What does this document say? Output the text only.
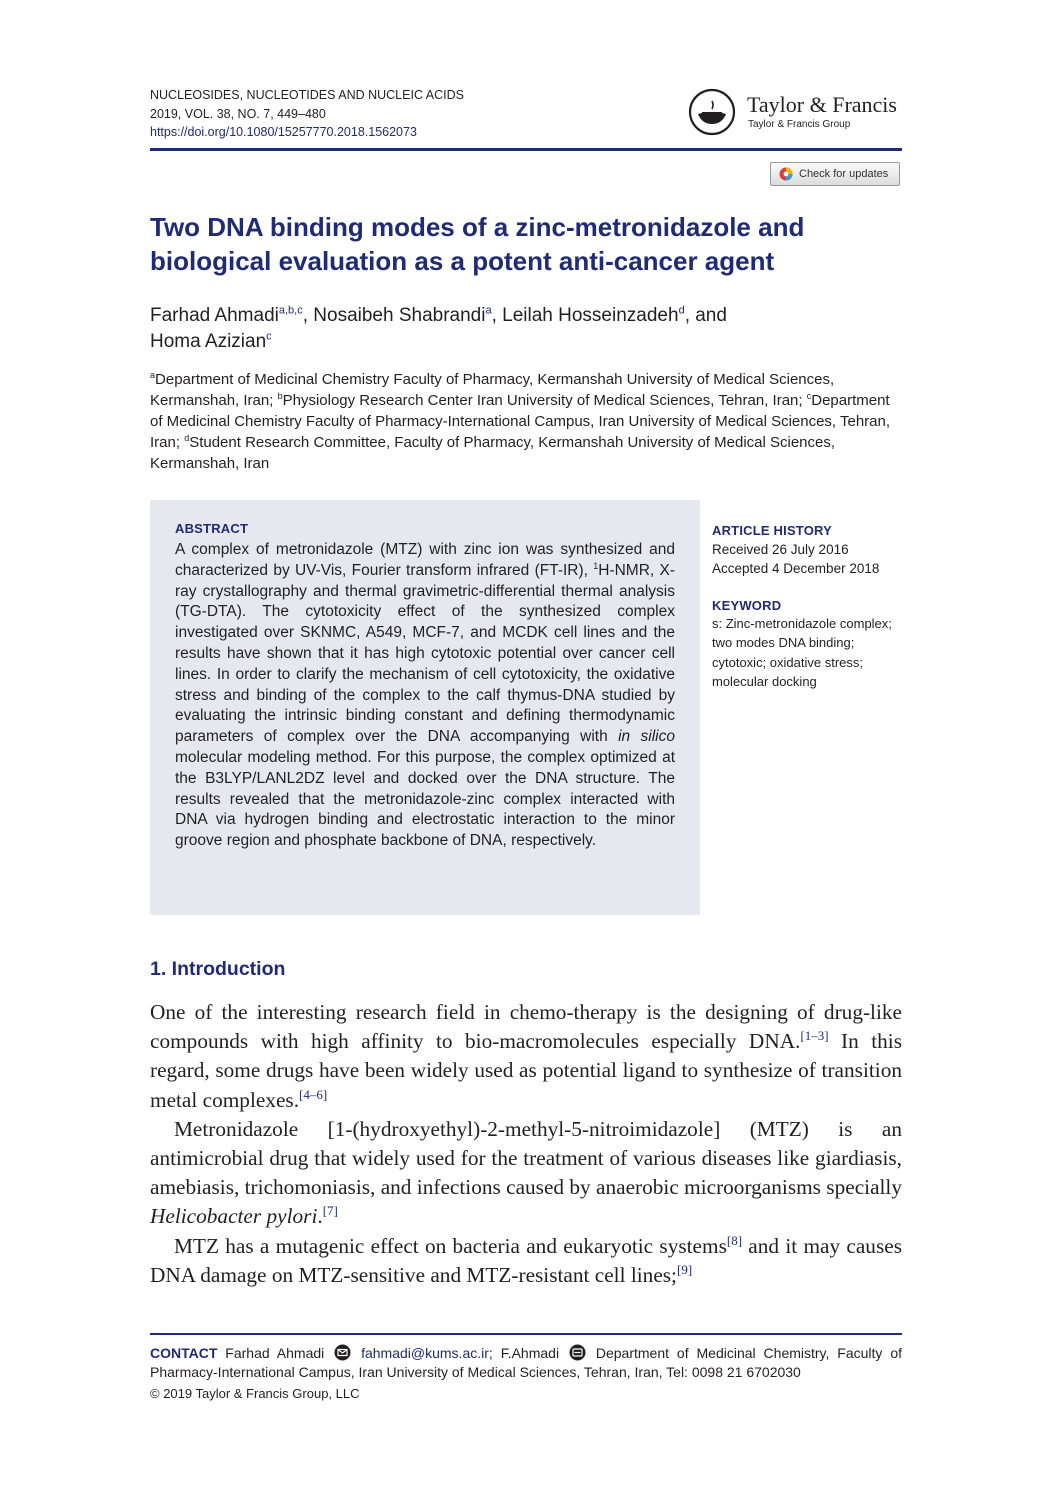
NUCLEOSIDES, NUCLEOTIDES AND NUCLEIC ACIDS
2019, VOL. 38, NO. 7, 449–480
https://doi.org/10.1080/15257770.2018.1562073
Taylor & Francis
Taylor & Francis Group
Check for updates
Two DNA binding modes of a zinc-metronidazole and biological evaluation as a potent anti-cancer agent
Farhad Ahmadi$^{a,b,c}$, Nosaibeh Shabrandi$^a$, Leilah Hosseinzadeh$^d$, and
Homa Azizian$^c$
$^a$Department of Medicinal Chemistry Faculty of Pharmacy, Kermanshah University of Medical Sciences, Kermanshah, Iran; $^b$Physiology Research Center Iran University of Medical Sciences, Tehran, Iran; $^c$Department of Medicinal Chemistry Faculty of Pharmacy-International Campus, Iran University of Medical Sciences, Tehran, Iran; $^d$Student Research Committee, Faculty of Pharmacy, Kermanshah University of Medical Sciences, Kermanshah, Iran
ABSTRACT
A complex of metronidazole (MTZ) with zinc ion was synthesized and characterized by UV-Vis, Fourier transform infrared (FT-IR), $^1$H-NMR, X-ray crystallography and thermal gravimetric-differential thermal analysis (TG-DTA). The cytotoxicity effect of the synthesized complex investigated over SKNMC, A549, MCF-7, and MCDK cell lines and the results have shown that it has high cytotoxic potential over cancer cell lines. In order to clarify the mechanism of cell cytotoxicity, the oxidative stress and binding of the complex to the calf thymus-DNA studied by evaluating the intrinsic binding constant and defining thermodynamic parameters of complex over the DNA accompanying with in silico molecular modeling method. For this purpose, the complex optimized at the B3LYP/LANL2DZ level and docked over the DNA structure. The results revealed that the metronidazole-zinc complex interacted with DNA via hydrogen binding and electrostatic interaction to the minor groove region and phosphate backbone of DNA, respectively.
ARTICLE HISTORY
Received 26 July 2016
Accepted 4 December 2018
KEYWORD
s: Zinc-metronidazole complex; two modes DNA binding; cytotoxic; oxidative stress; molecular docking
1. Introduction

One of the interesting research field in chemo-therapy is the designing of drug-like compounds with high affinity to bio-macromolecules especially DNA.[1–3] In this regard, some drugs have been widely used as potential ligand to synthesize of transition metal complexes.[4–6]

Metronidazole [1-(hydroxyethyl)-2-methyl-5-nitroimidazole] (MTZ) is an antimicrobial drug that widely used for the treatment of various diseases like giardiasis, amebiasis, trichomoniasis, and infections caused by anaerobic microorganisms specially Helicobacter pylori.[7]

MTZ has a mutagenic effect on bacteria and eukaryotic systems[8] and it may causes DNA damage on MTZ-sensitive and MTZ-resistant cell lines;[9]

CONTACT Farhad Ahmadi  fahmadi@kums.ac.ir; F.Ahmadi  Department of Medicinal Chemistry, Faculty of Pharmacy-International Campus, Iran University of Medical Sciences, Tehran, Iran, Tel: 0098 21 6702030
© 2019 Taylor & Francis Group, LLC
